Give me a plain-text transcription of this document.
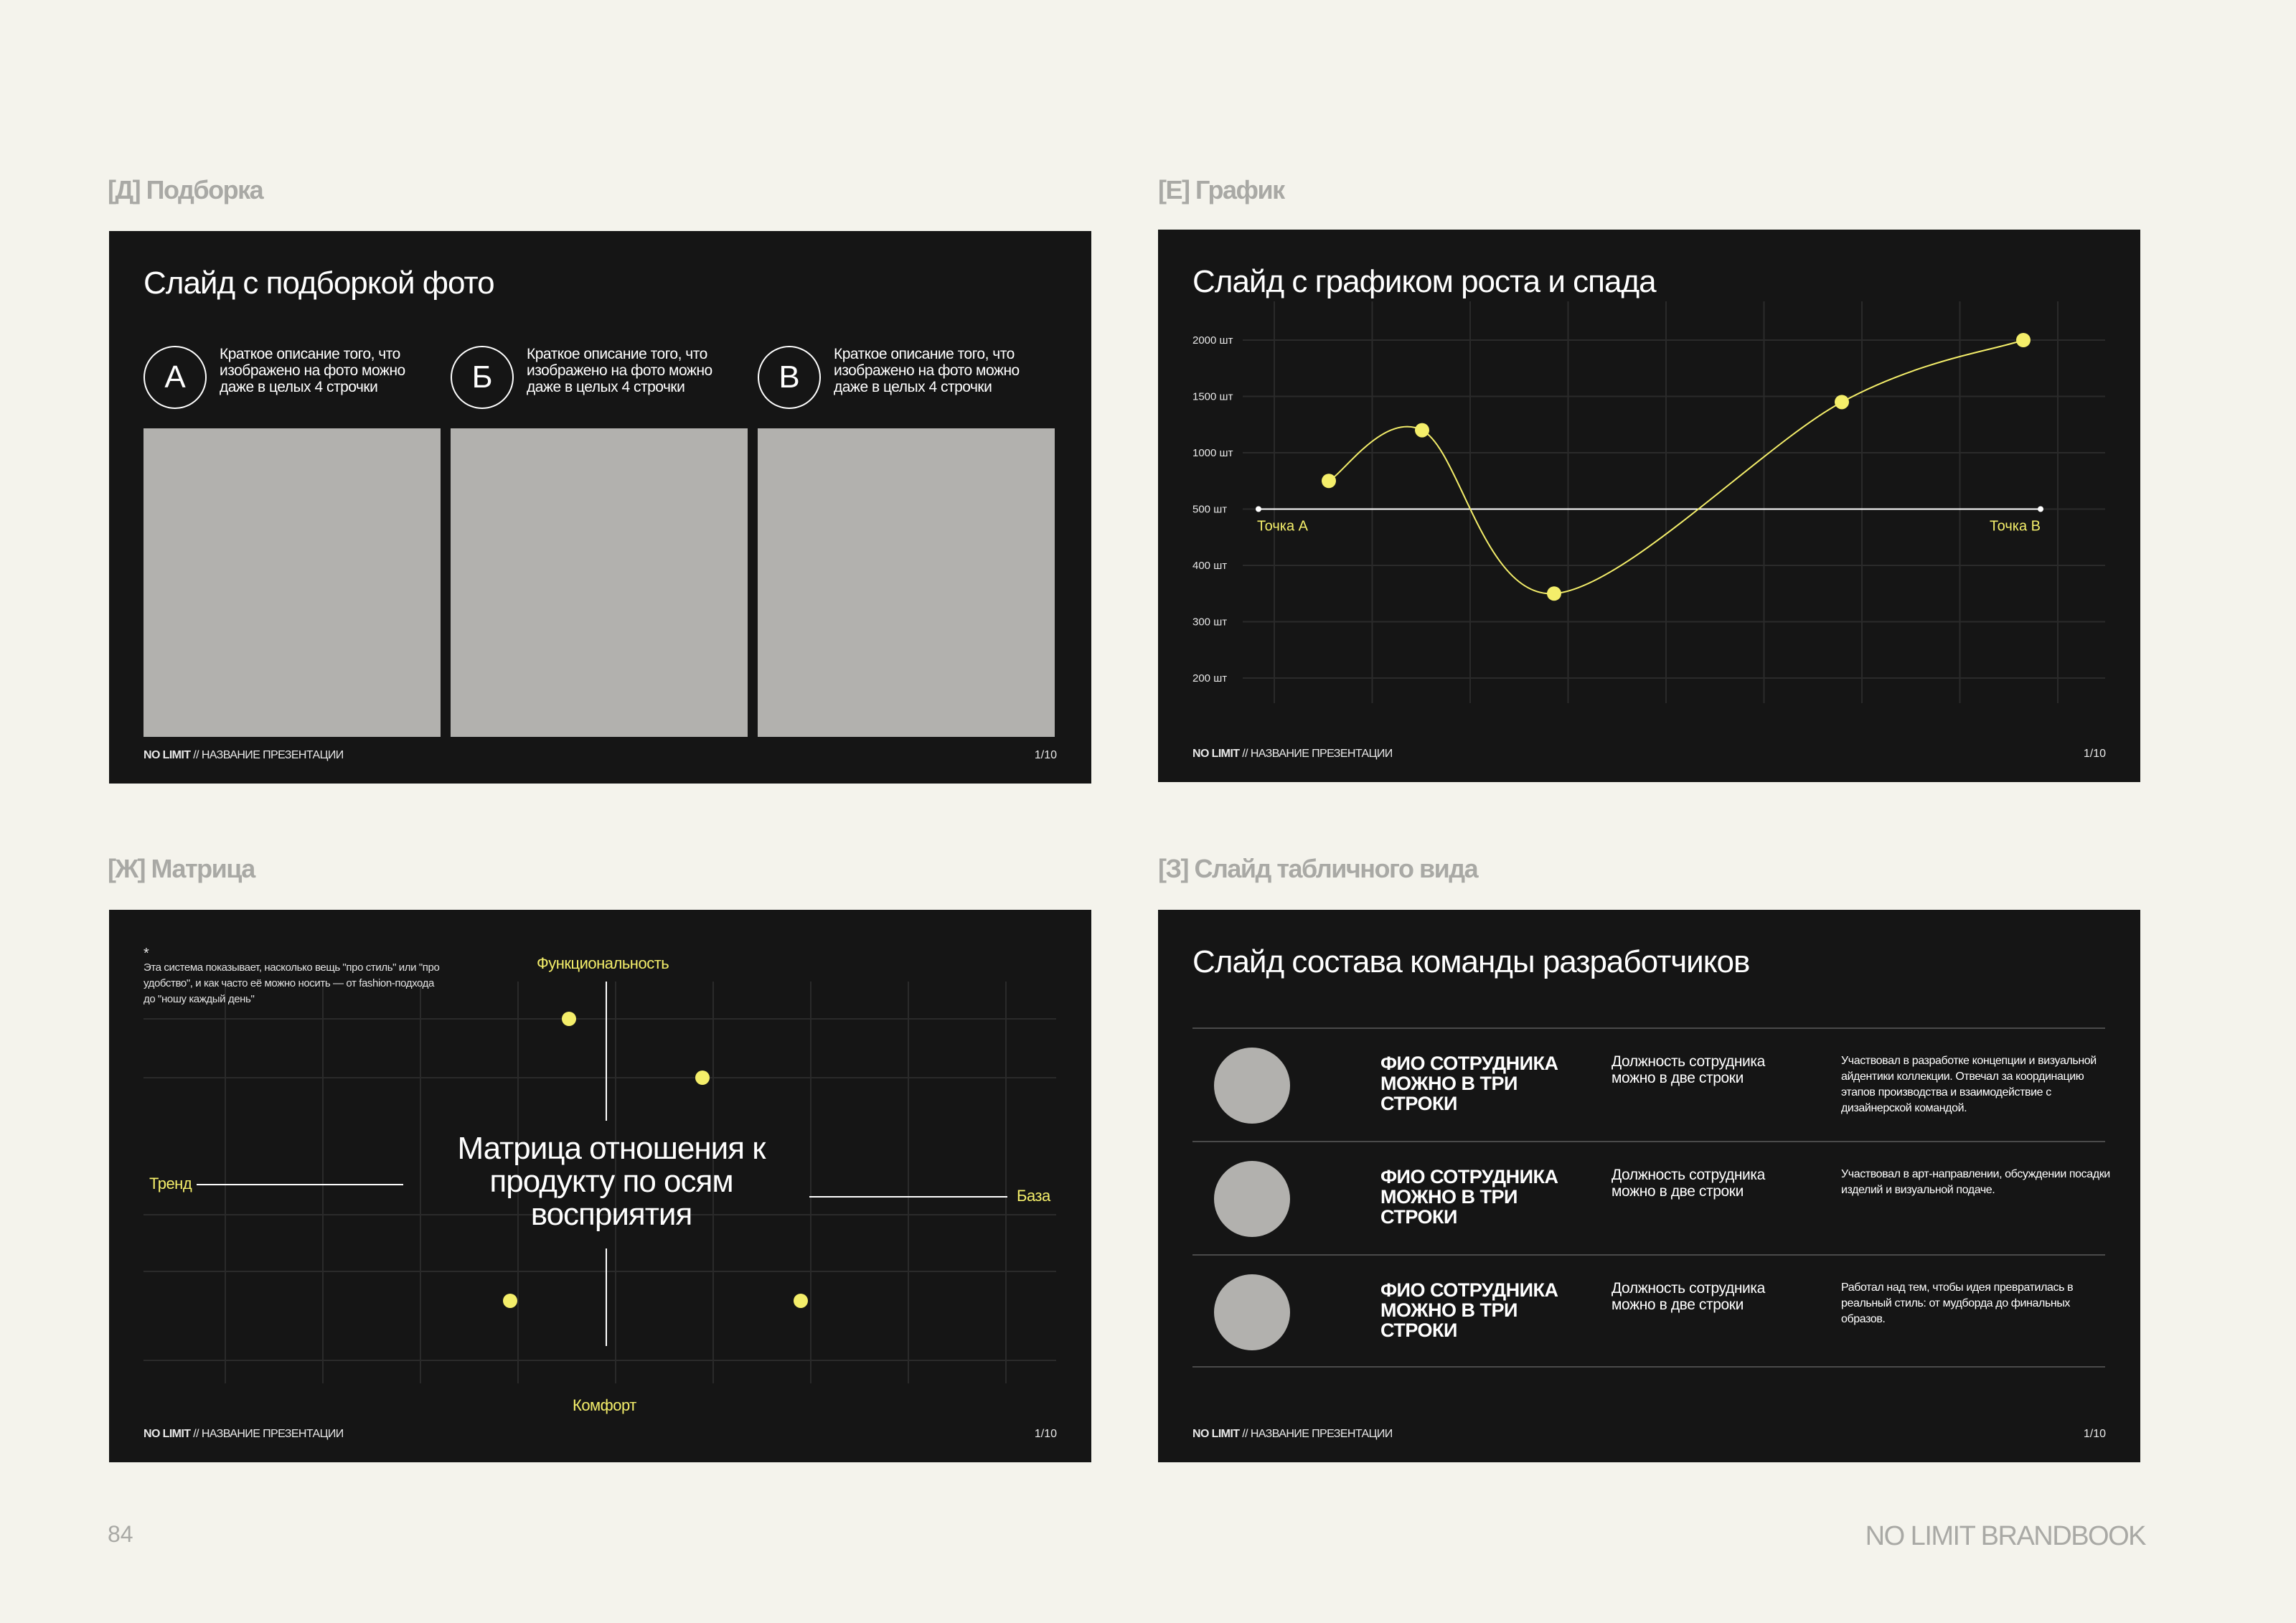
[Д] Подборка
Слайд с подборкой фото
А
Краткое описание того, что изображено на фото можно даже в целых 4 строчки	Б
Краткое описание того, что изображено на фото можно даже в целых 4 строчки	В
Краткое описание того, что изображено на фото можно даже в целых 4 строчки
NO LIMIT // НАЗВАНИЕ ПРЕЗЕНТАЦИИ	1/10
[Е] График
Слайд с графиком роста и спада
2000 шт
1500 шт
1000 шт
500 шт
400 шт
300 шт
200 шт
Точка А	Точка В
NO LIMIT // НАЗВАНИЕ ПРЕЗЕНТАЦИИ	1/10
[Ж] Матрица
*
Эта система показывает, насколько вещь "про стиль" или "про удобство", и как часто её можно носить — от fashion-подхода до "ношу каждый день"
Функциональность
Комфорт
Тренд
База
Матрица отношения к продукту по осям восприятия
NO LIMIT // НАЗВАНИЕ ПРЕЗЕНТАЦИИ	1/10
[З] Слайд табличного вида
Слайд состава команды разработчиков
ФИО СОТРУДНИКА МОЖНО В ТРИ СТРОКИ
Должность сотрудника можно в две строки
Участвовал в разработке концепции и визуальной айдентики коллекции. Отвечал за координацию этапов производства и взаимодействие с дизайнерской командой.
ФИО СОТРУДНИКА МОЖНО В ТРИ СТРОКИ
Должность сотрудника можно в две строки
Участвовал в арт-направлении, обсуждении посадки изделий и визуальной подаче.
ФИО СОТРУДНИКА МОЖНО В ТРИ СТРОКИ
Должность сотрудника можно в две строки
Работал над тем, чтобы идея превратилась в реальный стиль: от мудборда до финальных образов.
NO LIMIT // НАЗВАНИЕ ПРЕЗЕНТАЦИИ	1/10
84	NO LIMIT BRANDBOOK
